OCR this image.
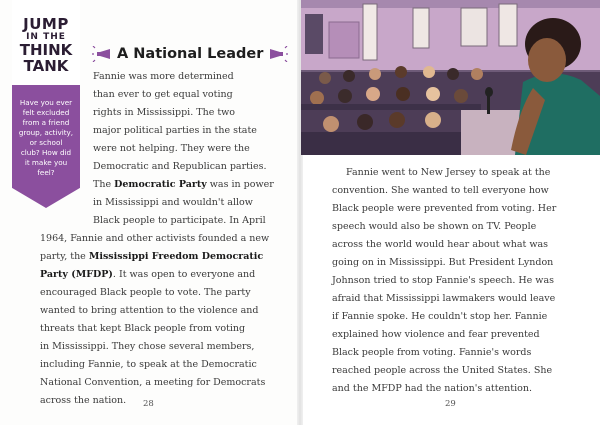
JUMP
IN THE
THINK
TANK
Have you ever
felt excluded
from a friend
group, activity,
or school
club? How did
it make you
feel?
A National Leader
Fannie was more determined
than ever to get equal voting
rights in Mississippi. The two
major political parties in the state
were not helping. They were the
Democratic and Republican parties.
The Democratic Party was in power
in Mississippi and wouldn't allow
Black people to participate. In April
1964, Fannie and other activists founded a new
party, the Mississippi Freedom Democratic
Party (MFDP). It was open to everyone and
encouraged Black people to vote. The party
wanted to bring attention to the violence and
threats that kept Black people from voting
in Mississippi. They chose several members,
including Fannie, to speak at the Democratic
National Convention, a meeting for Democrats
across the nation.	28
Fannie went to New Jersey to speak at the
convention. She wanted to tell everyone how
Black people were prevented from voting. Her
speech would also be shown on TV. People
across the world would hear about what was
going on in Mississippi. But President Lyndon
Johnson tried to stop Fannie's speech. He was
afraid that Mississippi lawmakers would leave
if Fannie spoke. He couldn't stop her. Fannie
explained how violence and fear prevented
Black people from voting. Fannie's words
reached people across the United States. She
and the MFDP had the nation's attention.
29
